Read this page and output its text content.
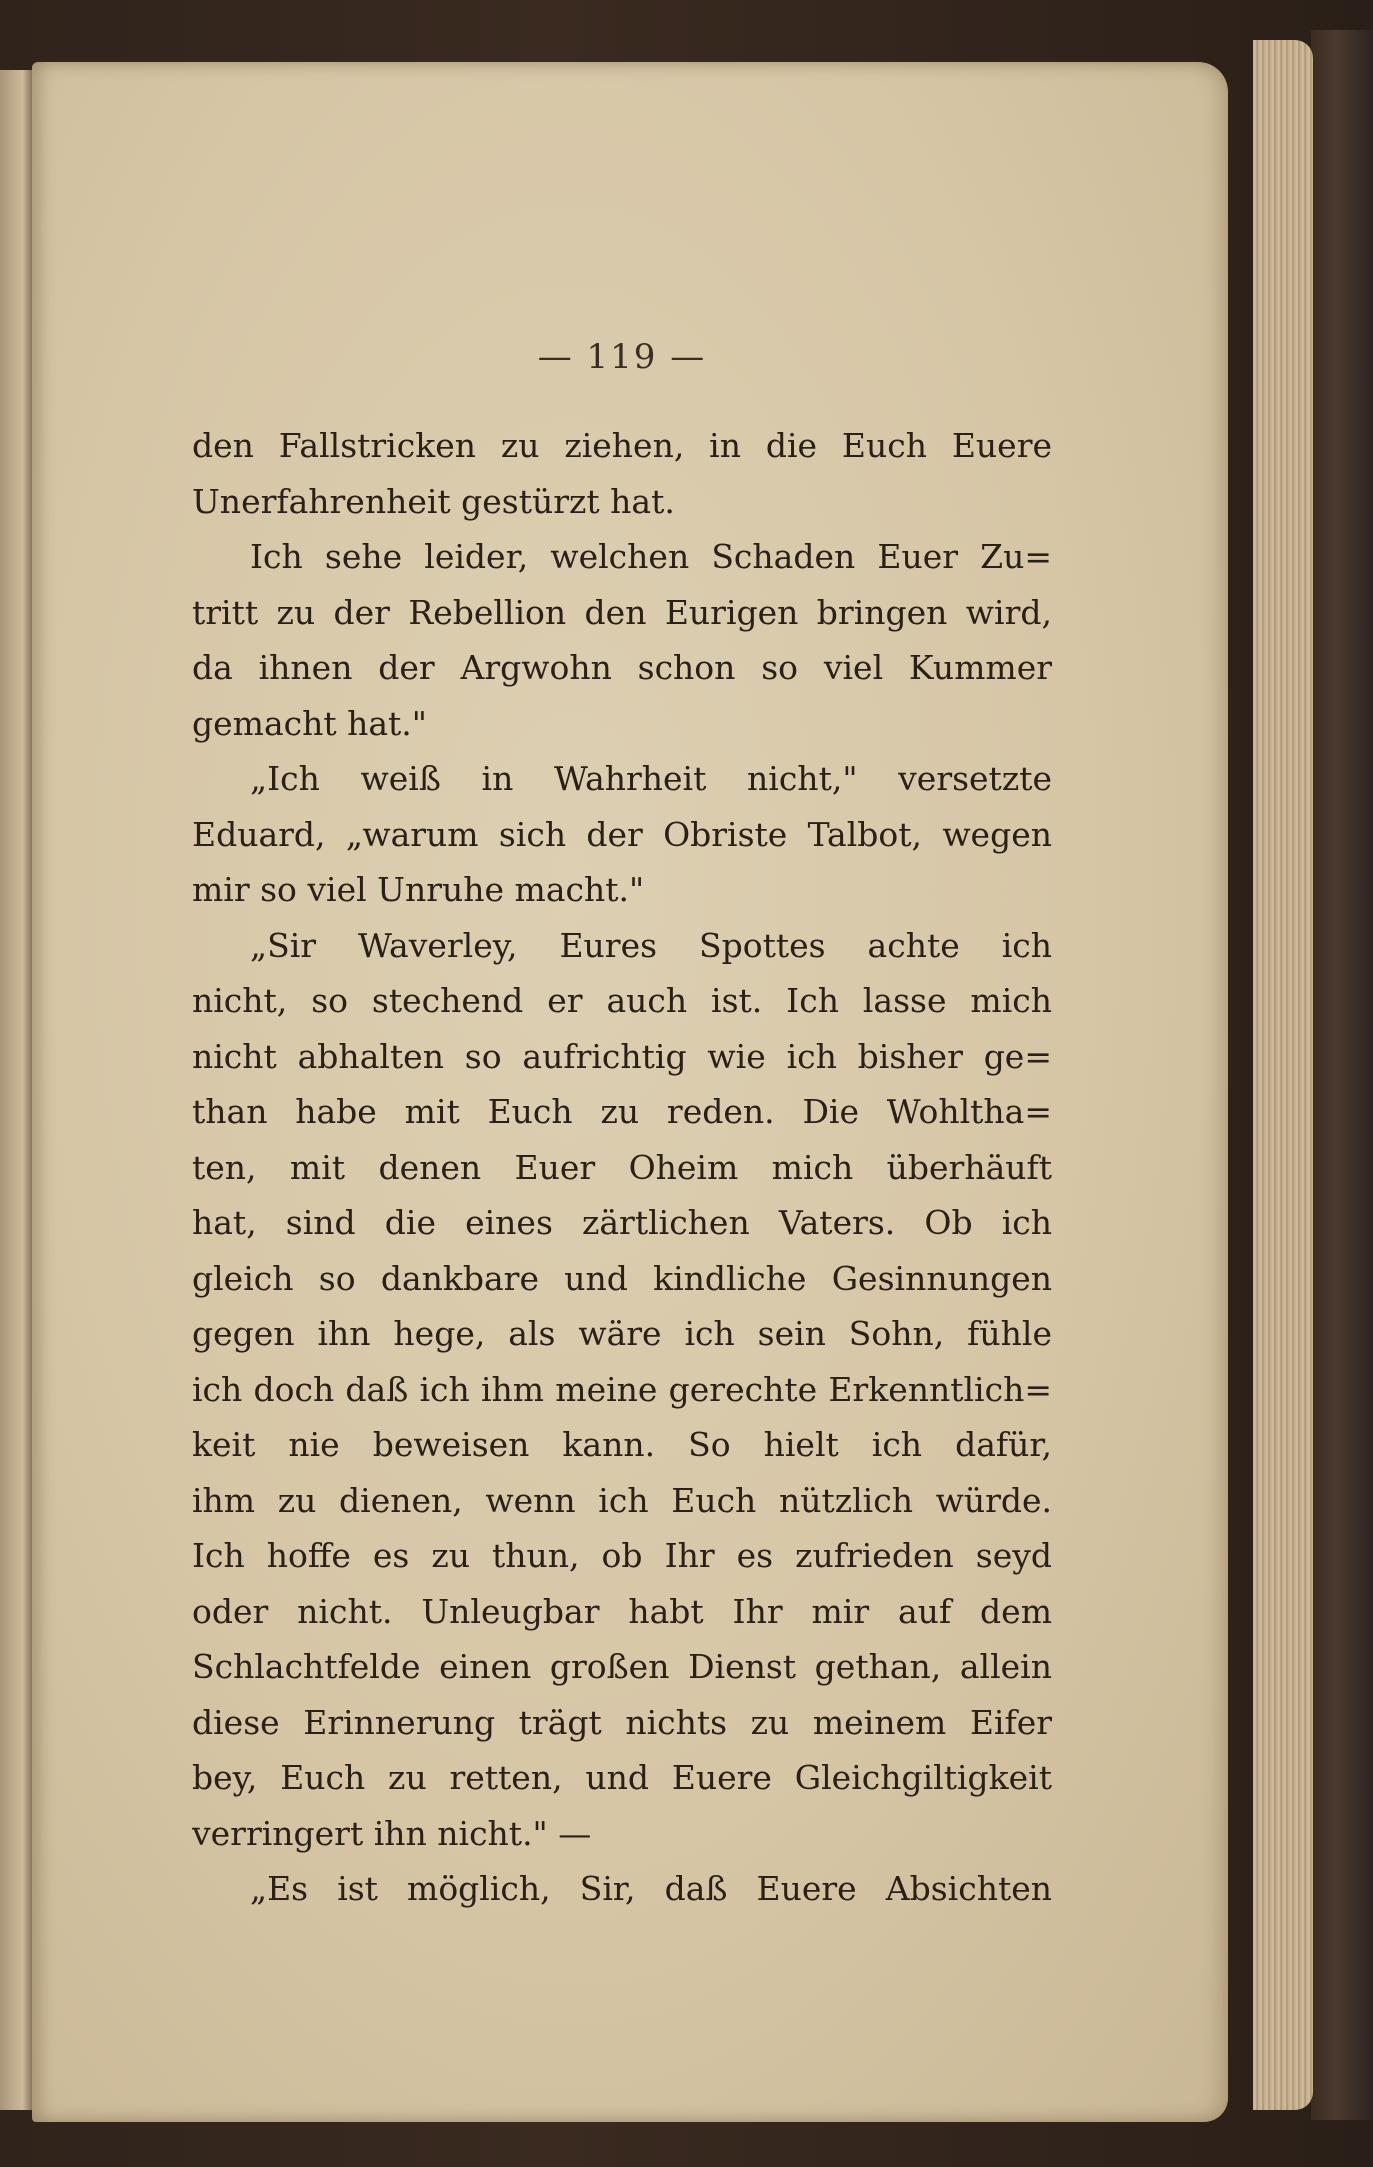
— 119 —
den Fallstricken zu ziehen, in die Euch Euere
Unerfahrenheit gestürzt hat.
Ich sehe leider, welchen Schaden Euer Zu=
tritt zu der Rebellion den Eurigen bringen wird,
da ihnen der Argwohn schon so viel Kummer
gemacht hat."
„Ich weiß in Wahrheit nicht," versetzte
Eduard, „warum sich der Obriste Talbot, wegen
mir so viel Unruhe macht."
„Sir Waverley, Eures Spottes achte ich
nicht, so stechend er auch ist. Ich lasse mich
nicht abhalten so aufrichtig wie ich bisher ge=
than habe mit Euch zu reden. Die Wohltha=
ten, mit denen Euer Oheim mich überhäuft
hat, sind die eines zärtlichen Vaters. Ob ich
gleich so dankbare und kindliche Gesinnungen
gegen ihn hege, als wäre ich sein Sohn, fühle
ich doch daß ich ihm meine gerechte Erkenntlich=
keit nie beweisen kann. So hielt ich dafür,
ihm zu dienen, wenn ich Euch nützlich würde.
Ich hoffe es zu thun, ob Ihr es zufrieden seyd
oder nicht. Unleugbar habt Ihr mir auf dem
Schlachtfelde einen großen Dienst gethan, allein
diese Erinnerung trägt nichts zu meinem Eifer
bey, Euch zu retten, und Euere Gleichgiltigkeit
verringert ihn nicht." —
„Es ist möglich, Sir, daß Euere Absichten
